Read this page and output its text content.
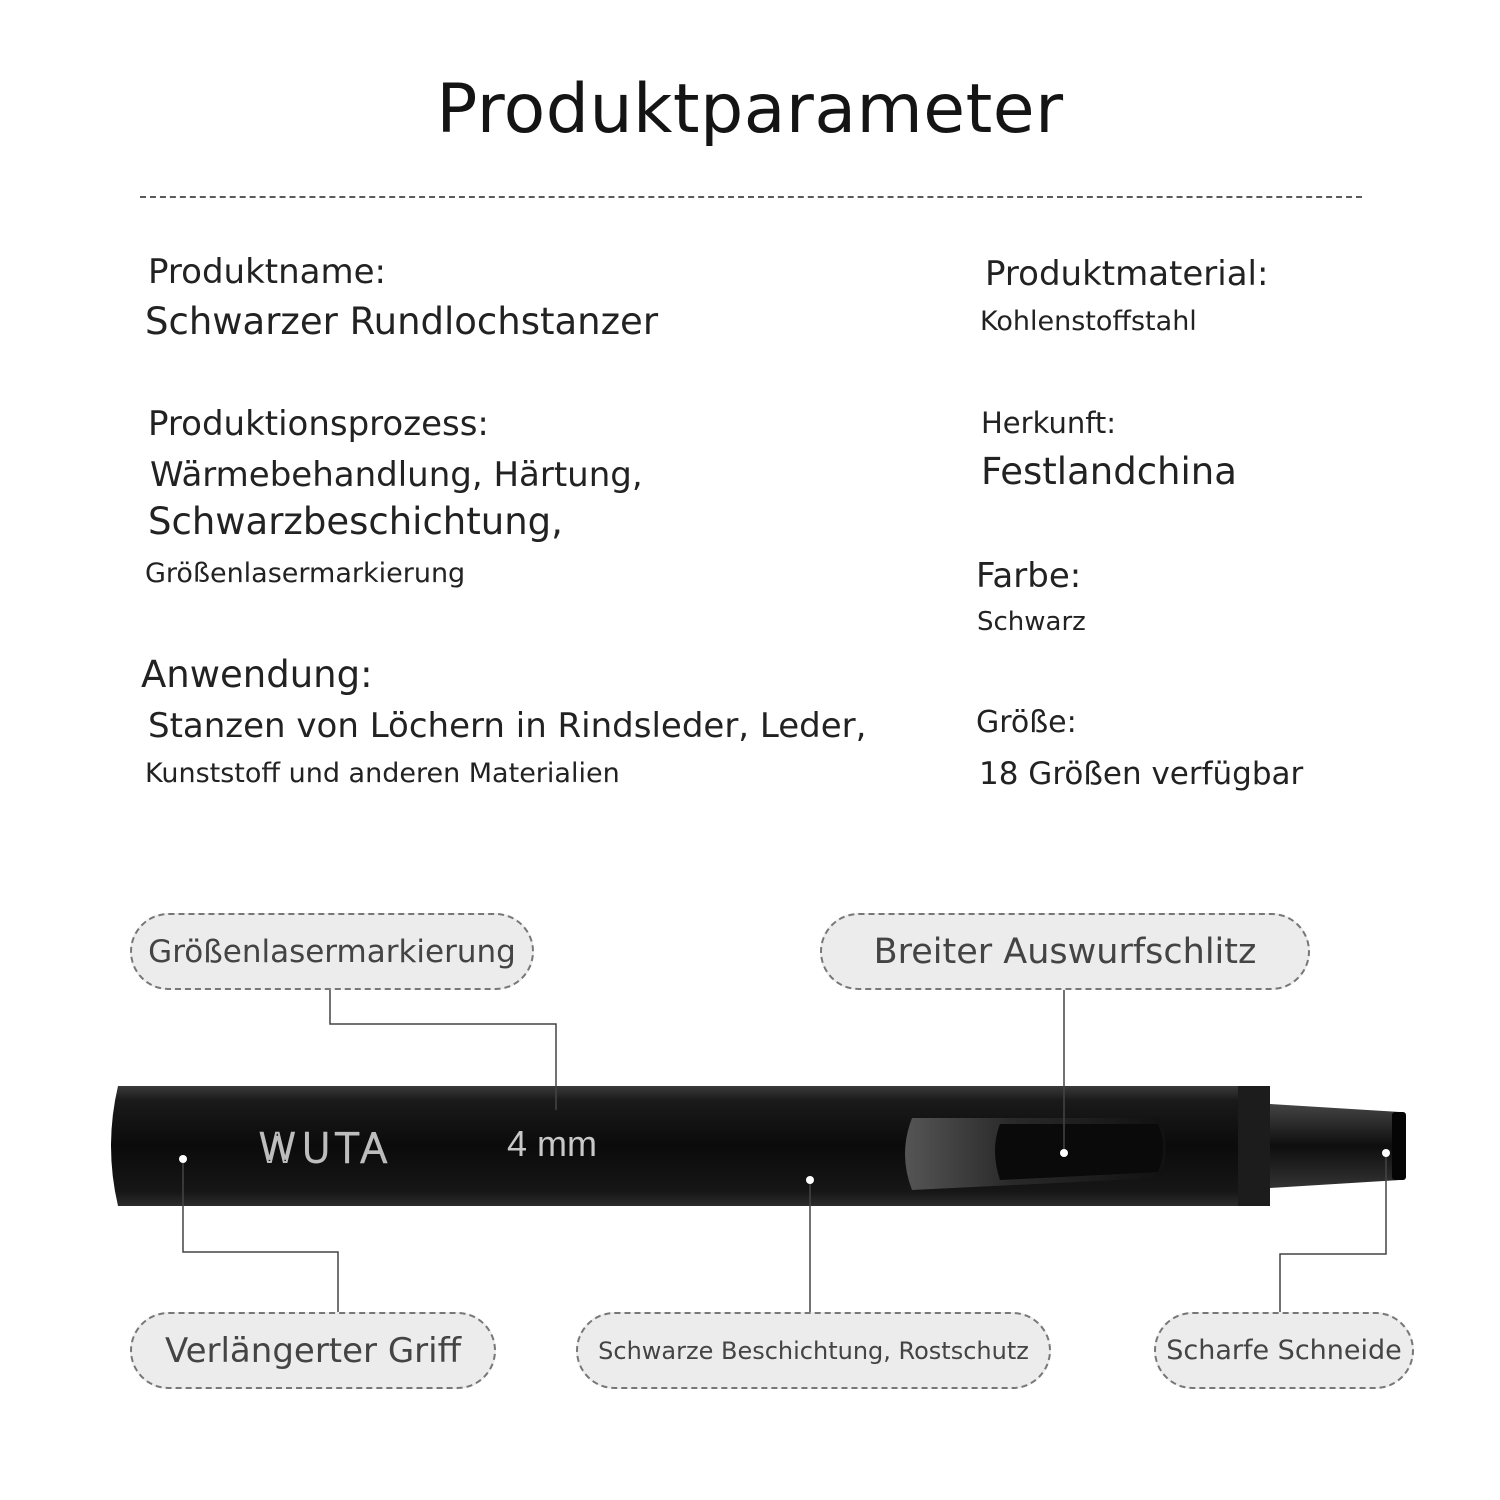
Produktparameter
Produktname:
Schwarzer Rundlochstanzer
Produktionsprozess:
Wärmebehandlung, Härtung,
Schwarzbeschichtung,
Größenlasermarkierung
Anwendung:
Stanzen von Löchern in Rindsleder, Leder,
Kunststoff und anderen Materialien
Produktmaterial:
Kohlenstoffstahl
Herkunft:
Festlandchina
Farbe:
Schwarz
Größe:
18 Größen verfügbar
WUTA	4 mm
Größenlasermarkierung	Breiter Auswurfschlitz
Verlängerter Griff	Schwarze Beschichtung, Rostschutz	Scharfe Schneide
